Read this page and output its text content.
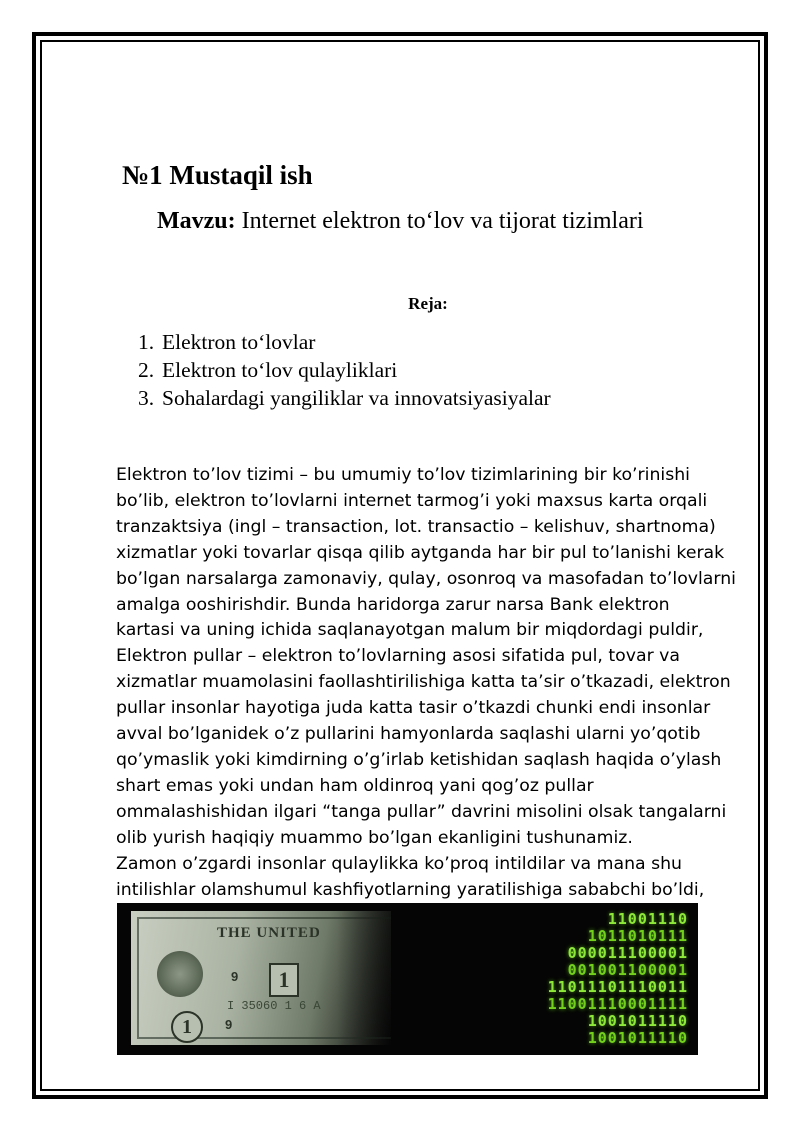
№1 Mustaqil ish
Mavzu: Internet elektron to‘lov va tijorat tizimlari
Reja:
1. Elektron to‘lovlar
2. Elektron to‘lov qulayliklari
3. Sohalardagi yangiliklar va innovatsiyasiyalar

Elektron to’lov tizimi – bu umumiy to’lov tizimlarining bir ko’rinishi

bo’lib, elektron to’lovlarni internet tarmog’i yoki maxsus karta orqali

tranzaktsiya (ingl – transaction, lot. transactio – kelishuv, shartnoma)

xizmatlar yoki tovarlar qisqa qilib aytganda har bir pul to’lanishi kerak

bo’lgan narsalarga zamonaviy, qulay, osonroq va masofadan to’lovlarni

amalga ooshirishdir. Bunda haridorga zarur narsa Bank elektron

kartasi va uning ichida saqlanayotgan malum bir miqdordagi puldir,

Elektron pullar – elektron to’lovlarning asosi sifatida pul, tovar va

xizmatlar muamolasini faollashtirilishiga katta ta’sir o’tkazadi, elektron

pullar insonlar hayotiga juda katta tasir o’tkazdi chunki endi insonlar

avval bo’lganidek o’z pullarini hamyonlarda saqlashi ularni yo’qotib

qo’ymaslik yoki kimdirning o’g’irlab ketishidan saqlash haqida o’ylash

shart emas yoki undan ham oldinroq yani qog’oz pullar

ommalashishidan ilgari “tanga pullar” davrini misolini olsak tangalarni

olib yurish haqiqiy muammo bo’lgan ekanligini tushunamiz.

Zamon o’zgardi insonlar qulaylikka ko’proq intildilar va mana shu

intilishlar olamshumul kashfiyotlarning yaratilishiga sababchi bo’ldi,

THE UNITED
9
9
1
1
I 35060 1 6 A
11001110
1011010111
000011100001
001001100001
11011101110011
11001110001111
1001011110
1001011110
